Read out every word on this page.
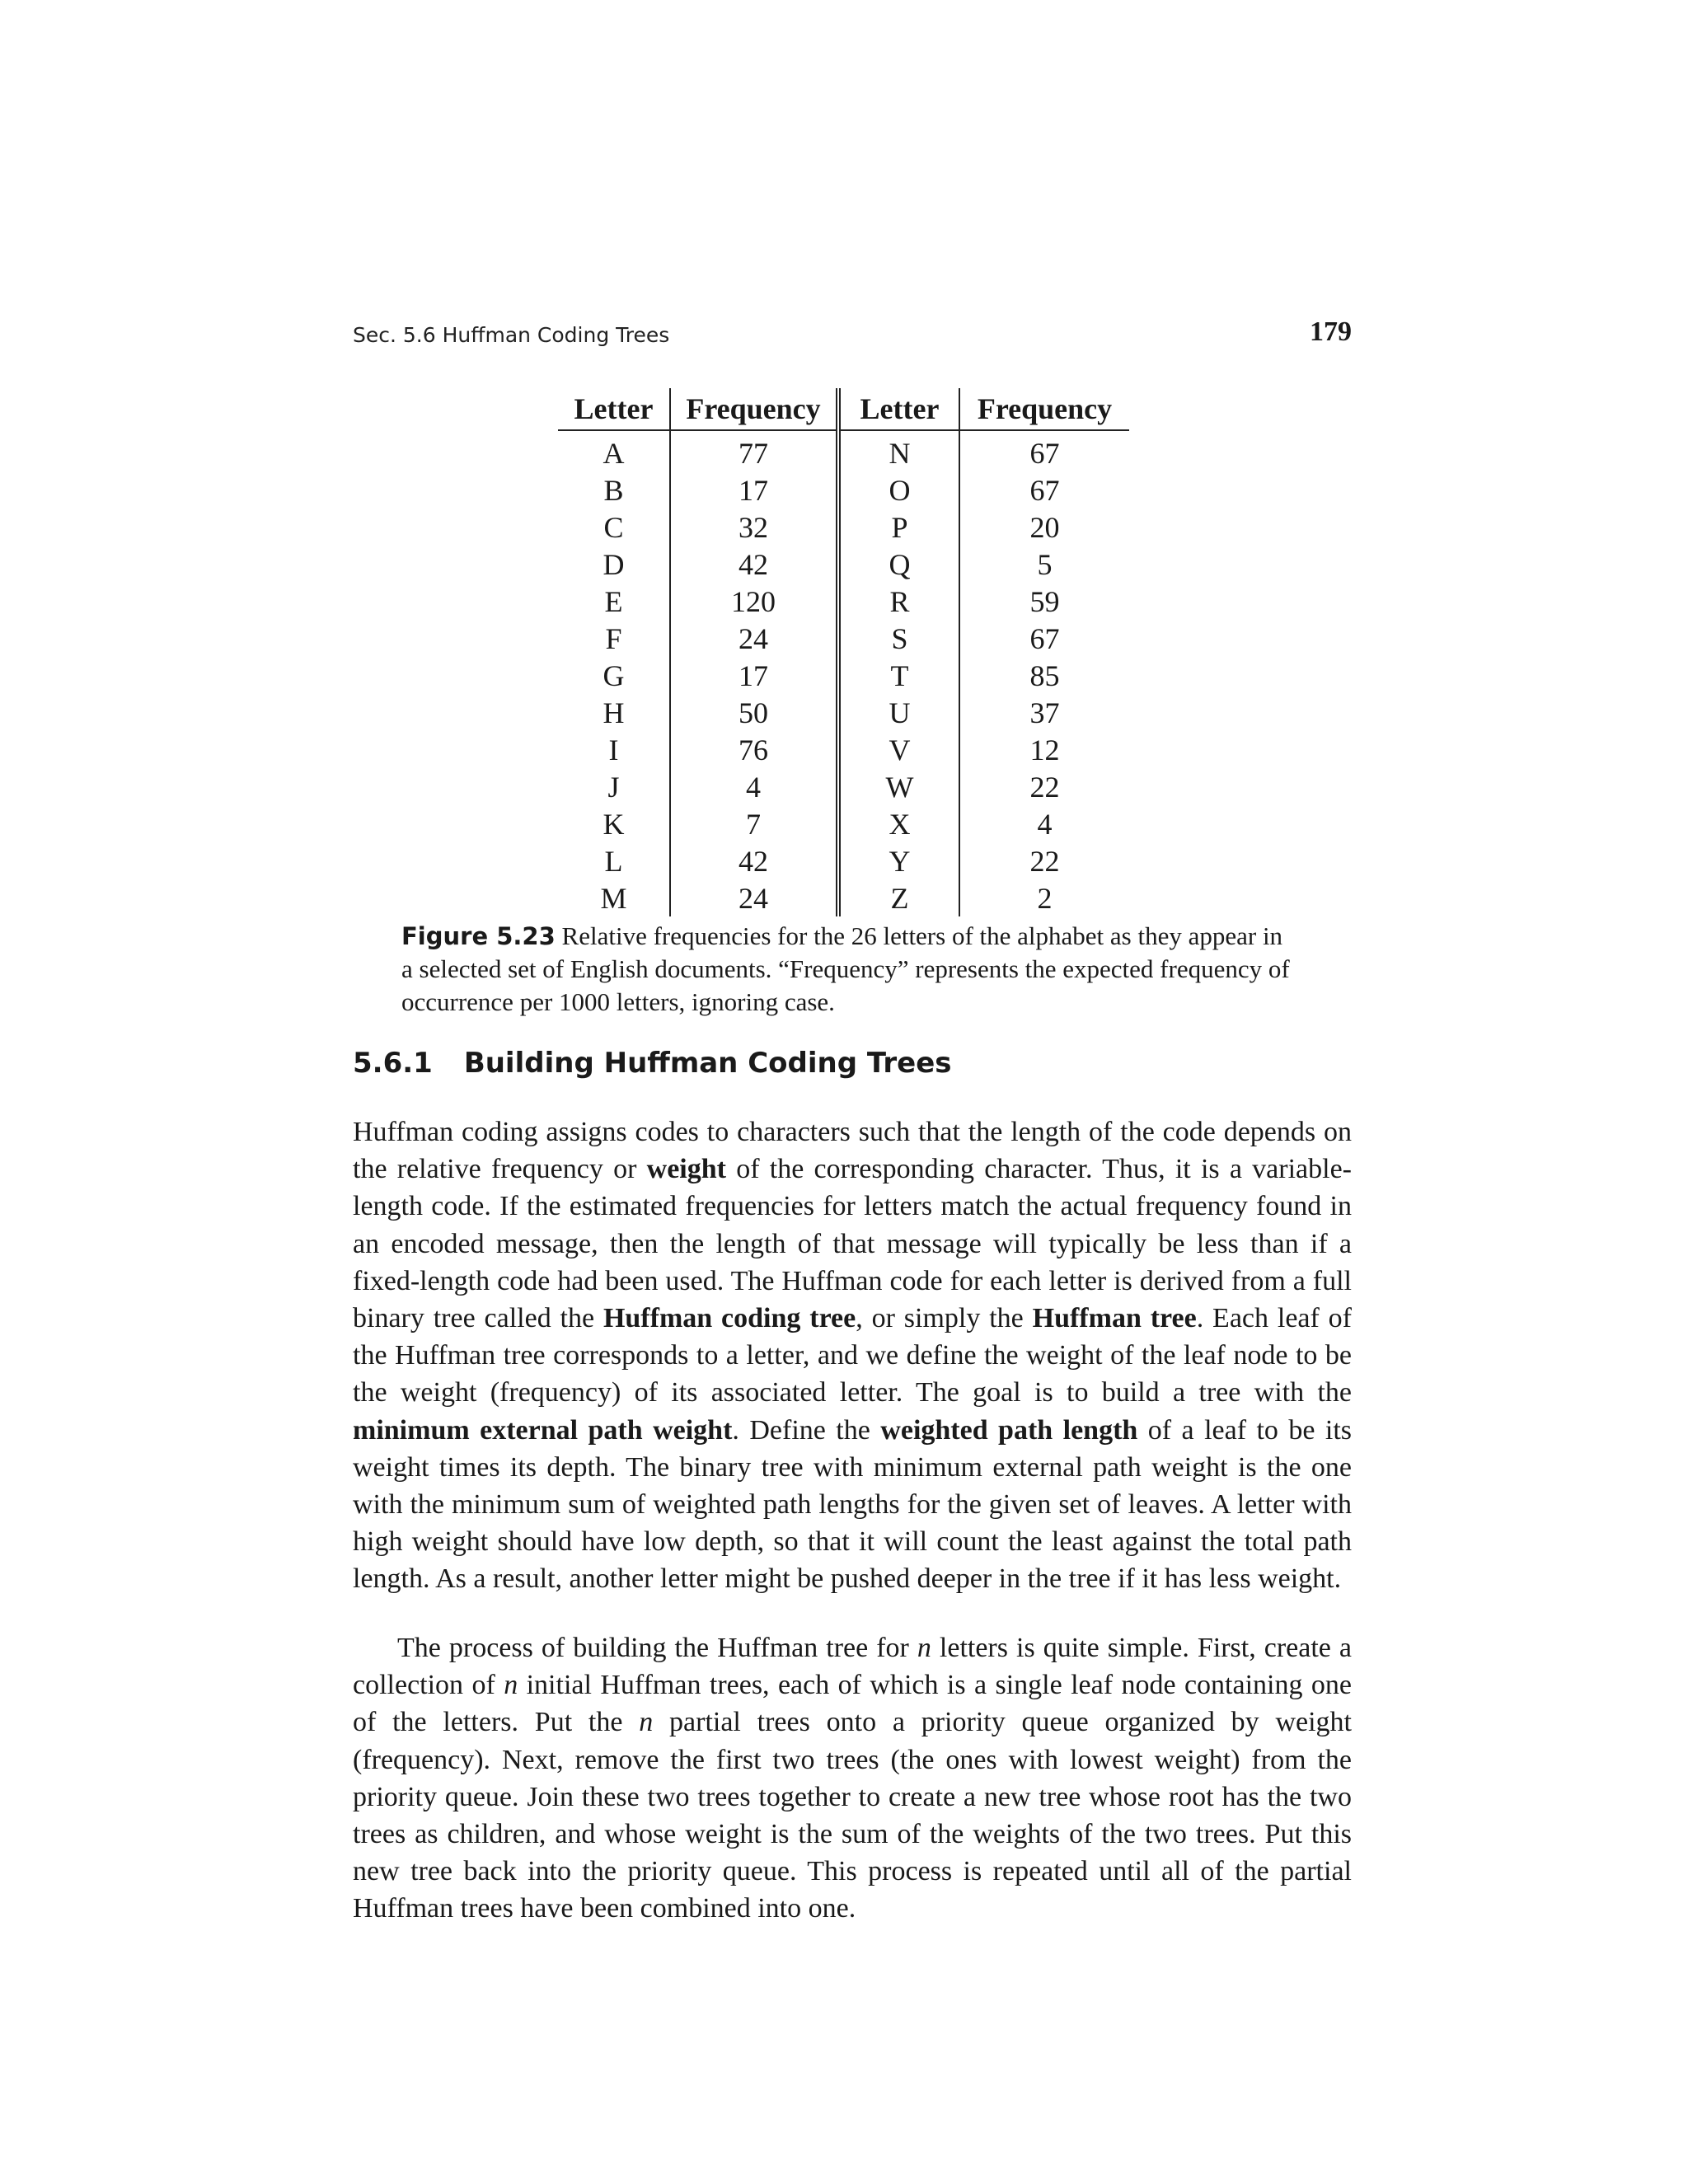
Sec. 5.6 Huffman Coding Trees	179
Letter	Frequency	Letter	Frequency
A	77	N	67
B	17	O	67
C	32	P	20
D	42	Q	5
E	120	R	59
F	24	S	67
G	17	T	85
H	50	U	37
I	76	V	12
J	4	W	22
K	7	X	4
L	42	Y	22
M	24	Z	2
Figure 5.23 Relative frequencies for the 26 letters of the alphabet as they appear in a selected set of English documents. “Frequency” represents the expected frequency of occurrence per 1000 letters, ignoring case.
5.6.1 Building Huffman Coding Trees

Huffman coding assigns codes to characters such that the length of the code depends on the relative frequency or weight of the corresponding character. Thus, it is a variable-length code. If the estimated frequencies for letters match the actual frequency found in an encoded message, then the length of that message will typically be less than if a fixed-length code had been used. The Huffman code for each letter is derived from a full binary tree called the Huffman coding tree, or simply the Huffman tree. Each leaf of the Huffman tree corresponds to a letter, and we define the weight of the leaf node to be the weight (frequency) of its associated letter. The goal is to build a tree with the minimum external path weight. Define the weighted path length of a leaf to be its weight times its depth. The binary tree with minimum external path weight is the one with the minimum sum of weighted path lengths for the given set of leaves. A letter with high weight should have low depth, so that it will count the least against the total path length. As a result, another letter might be pushed deeper in the tree if it has less weight.

The process of building the Huffman tree for n letters is quite simple. First, create a collection of n initial Huffman trees, each of which is a single leaf node containing one of the letters. Put the n partial trees onto a priority queue organized by weight (frequency). Next, remove the first two trees (the ones with lowest weight) from the priority queue. Join these two trees together to create a new tree whose root has the two trees as children, and whose weight is the sum of the weights of the two trees. Put this new tree back into the priority queue. This process is repeated until all of the partial Huffman trees have been combined into one.
